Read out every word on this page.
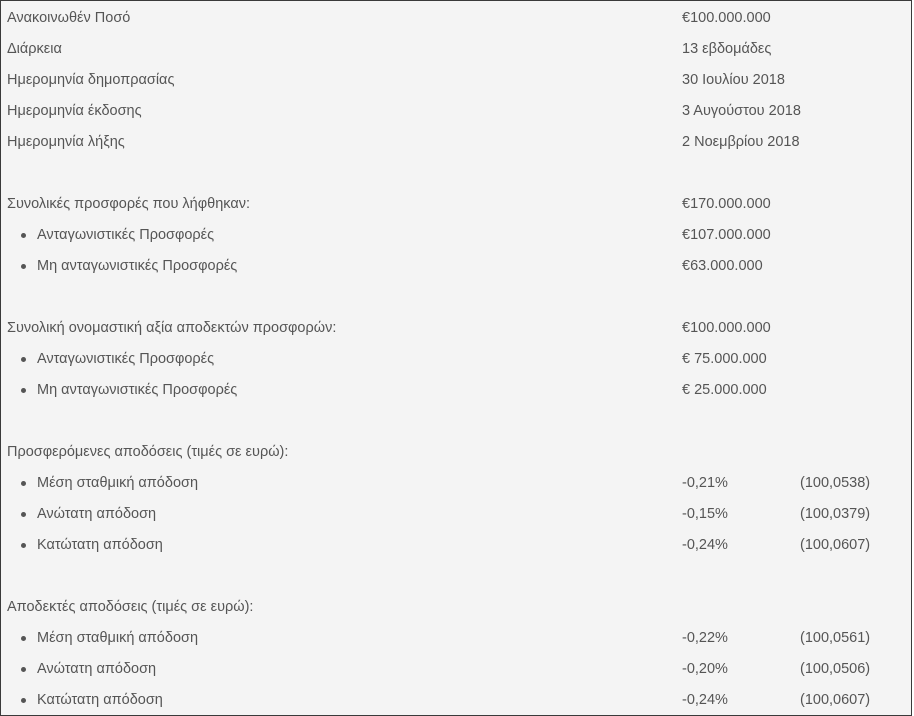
Ανακοινωθέν Ποσό	€100.000.000
Διάρκεια	13 εβδομάδες
Ημερομηνία δημοπρασίας	30 Ιουλίου 2018
Ημερομηνία έκδοσης	3 Αυγούστου 2018
Ημερομηνία λήξης	2 Νοεμβρίου 2018
Συνολικές προσφορές που λήφθηκαν:	€170.000.000
Ανταγωνιστικές Προσφορές	€107.000.000
Μη ανταγωνιστικές Προσφορές	€63.000.000
Συνολική ονομαστική αξία αποδεκτών προσφορών:	€100.000.000
Ανταγωνιστικές Προσφορές	€ 75.000.000
Μη ανταγωνιστικές Προσφορές	€ 25.000.000
Προσφερόμενες αποδόσεις (τιμές σε ευρώ):
Μέση σταθμική απόδοση	-0,21%	(100,0538)
Ανώτατη απόδοση	-0,15%	(100,0379)
Κατώτατη απόδοση	-0,24%	(100,0607)
Αποδεκτές αποδόσεις (τιμές σε ευρώ):
Μέση σταθμική απόδοση	-0,22%	(100,0561)
Ανώτατη απόδοση	-0,20%	(100,0506)
Κατώτατη απόδοση	-0,24%	(100,0607)
